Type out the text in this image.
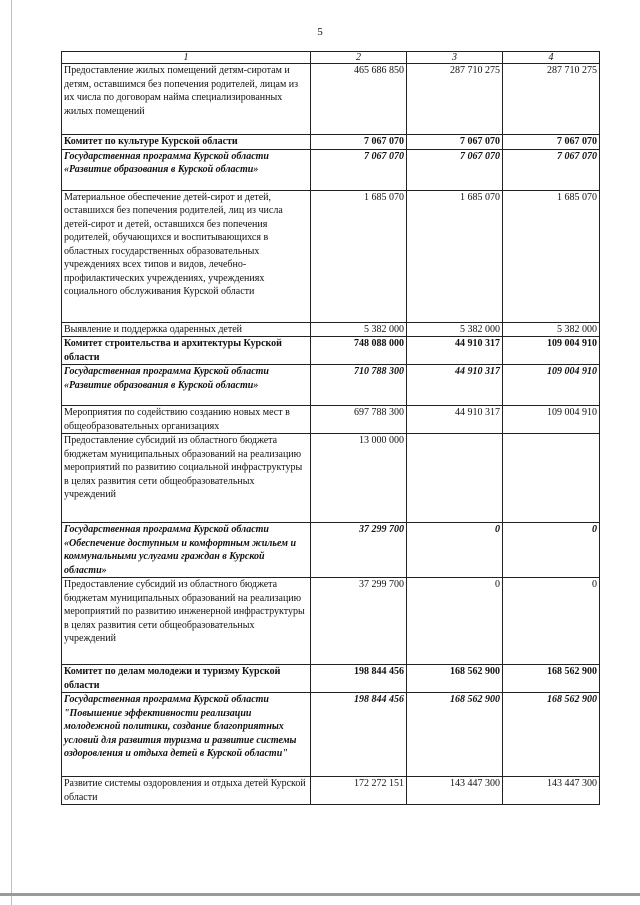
5
1	2	3	4
Предоставление жилых помещений детям-сиротам и детям, оставшимся без попечения родителей, лицам из их числа по договорам найма специализированных жилых помещений	465 686 850	287 710 275	287 710 275
Комитет по культуре Курской области	7 067 070	7 067 070	7 067 070
Государственная программа Курской области «Развитие образования в Курской области»	7 067 070	7 067 070	7 067 070
Материальное обеспечение детей-сирот и детей, оставшихся без попечения родителей, лиц из числа детей-сирот и детей, оставшихся без попечения родителей, обучающихся и воспитывающихся в областных государственных образовательных учреждениях всех типов и видов, лечебно-профилактических учреждениях, учреждениях социального обслуживания Курской области	1 685 070	1 685 070	1 685 070
Выявление и поддержка одаренных детей	5 382 000	5 382 000	5 382 000
Комитет строительства и архитектуры Курской области	748 088 000	44 910 317	109 004 910
Государственная программа Курской области «Развитие образования в Курской области»	710 788 300	44 910 317	109 004 910
Мероприятия по содействию созданию новых мест в общеобразовательных организациях	697 788 300	44 910 317	109 004 910
Предоставление субсидий из областного бюджета бюджетам муниципальных образований на реализацию мероприятий по развитию социальной инфраструктуры в целях развития сети общеобразовательных учреждений	13 000 000		
Государственная программа Курской области «Обеспечение доступным и комфортным жильем и коммунальными услугами граждан в Курской области»	37 299 700	0	0
Предоставление субсидий из областного бюджета бюджетам муниципальных образований на реализацию мероприятий по развитию инженерной инфраструктуры в целях развития сети общеобразовательных учреждений	37 299 700	0	0
Комитет по делам молодежи и туризму Курской области	198 844 456	168 562 900	168 562 900
Государственная программа Курской области "Повышение эффективности реализации молодежной политики, создание благоприятных условий для развития туризма и развитие системы оздоровления и отдыха детей в Курской области"	198 844 456	168 562 900	168 562 900
Развитие системы оздоровления и отдыха детей Курской области	172 272 151	143 447 300	143 447 300
